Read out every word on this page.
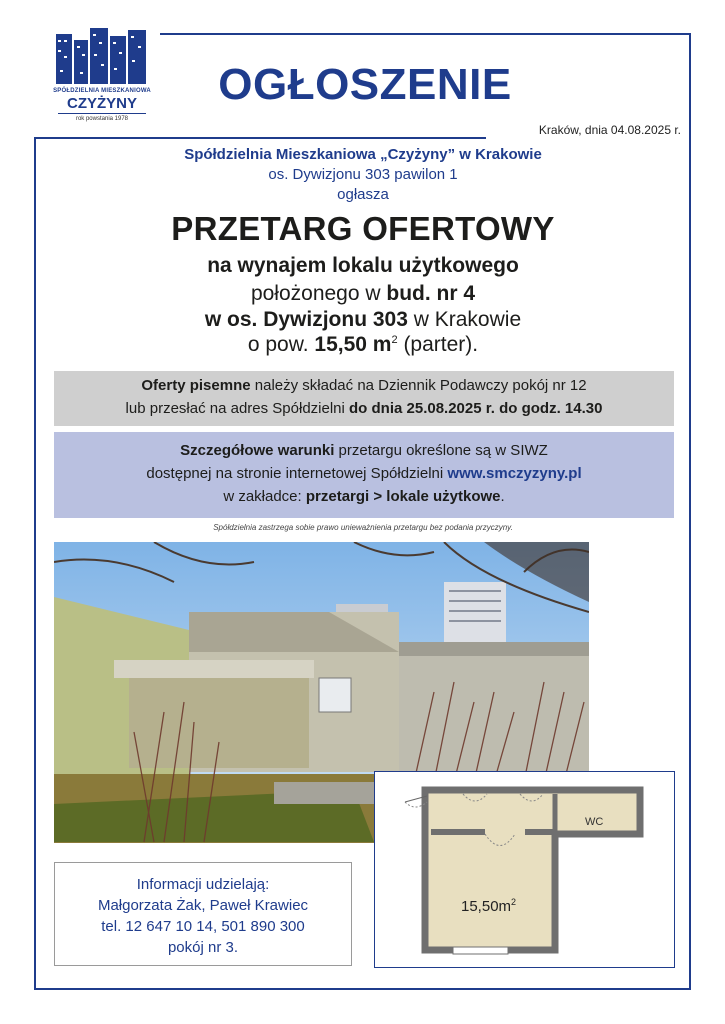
SPÓŁDZIELNIA MIESZKANIOWA
CZYŻYNY
rok powstania 1978
OGŁOSZENIE
Kraków, dnia 04.08.2025 r.
Spółdzielnia Mieszkaniowa „Czyżyny” w Krakowie
os. Dywizjonu 303 pawilon 1
ogłasza
PRZETARG OFERTOWY
na wynajem lokalu użytkowego
położonego w bud. nr 4
w os. Dywizjonu 303 w Krakowie
o pow. 15,50 $m^2$ (parter).
Oferty pisemne należy składać na Dziennik Podawczy pokój nr 12
lub przesłać na adres Spółdzielni do dnia 25.08.2025 r. do godz. 14.30
Szczegółowe warunki przetargu określone są w SIWZ
dostępnej na stronie internetowej Spółdzielni www.smczyzyny.pl
w zakładce: przetargi > lokale użytkowe.
Spółdzielnia zastrzega sobie prawo unieważnienia przetargu bez podania przyczyny.
Informacji udzielają:
Małgorzata Żak, Paweł Krawiec
tel. 12 647 10 14, 501 890 300
pokój nr 3.
WC
$15,50m^2$
